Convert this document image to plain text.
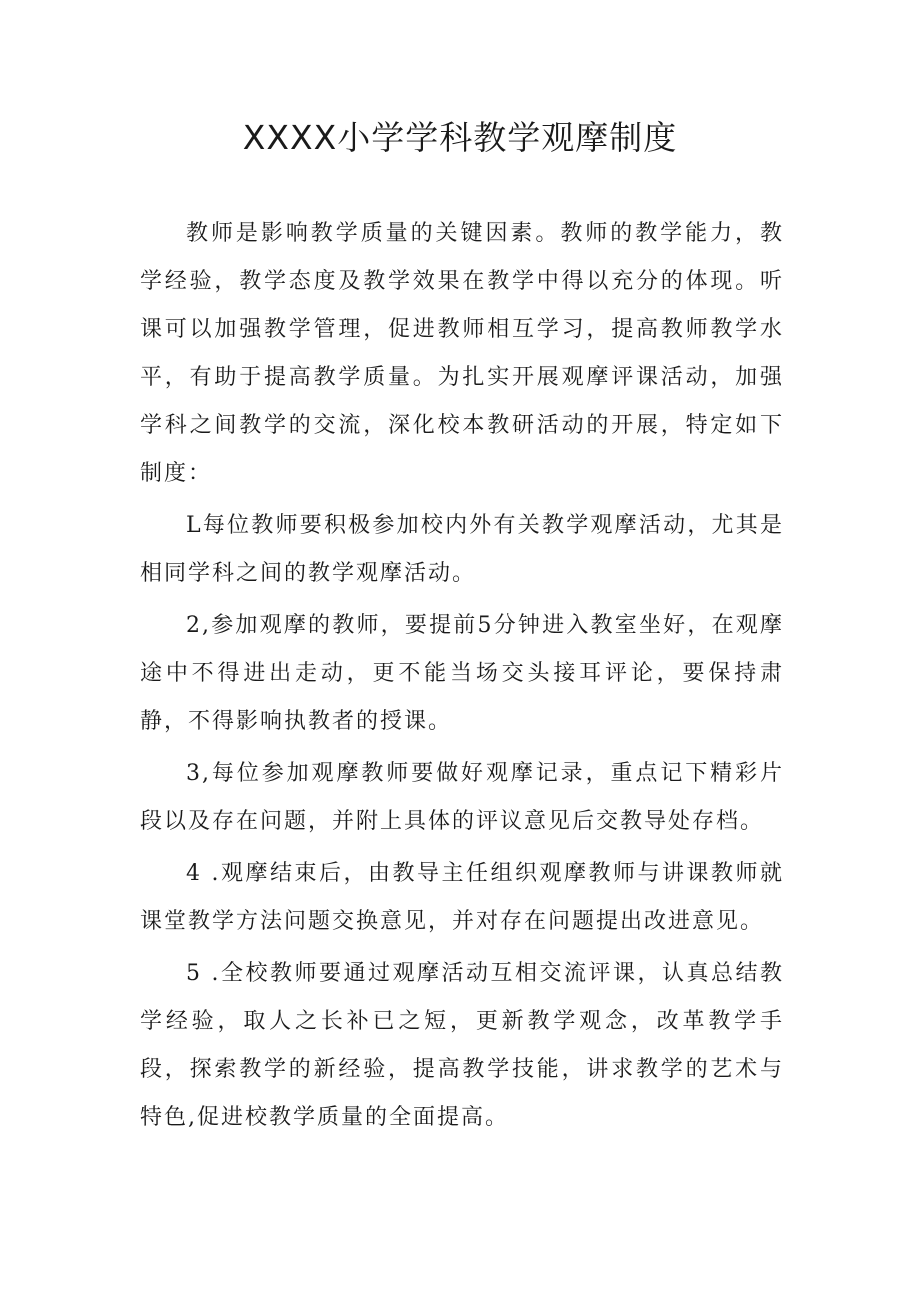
XXXX小学学科教学观摩制度

教师是影响教学质量的关键因素。教师的教学能力，教学经验，教学态度及教学效果在教学中得以充分的体现。听课可以加强教学管理，促进教师相互学习，提高教师教学水平，有助于提高教学质量。为扎实开展观摩评课活动，加强学科之间教学的交流，深化校本教研活动的开展，特定如下制度：

L每位教师要积极参加校内外有关教学观摩活动，尤其是相同学科之间的教学观摩活动。

2,参加观摩的教师，要提前5分钟进入教室坐好，在观摩途中不得进出走动，更不能当场交头接耳评论，要保持肃静，不得影响执教者的授课。

3,每位参加观摩教师要做好观摩记录，重点记下精彩片段以及存在问题，并附上具体的评议意见后交教导处存档。

4 .观摩结束后，由教导主任组织观摩教师与讲课教师就课堂教学方法问题交换意见，并对存在问题提出改进意见。

5 .全校教师要通过观摩活动互相交流评课，认真总结教学经验，取人之长补已之短，更新教学观念，改革教学手段，探索教学的新经验，提高教学技能，讲求教学的艺术与特色,促进校教学质量的全面提高。
